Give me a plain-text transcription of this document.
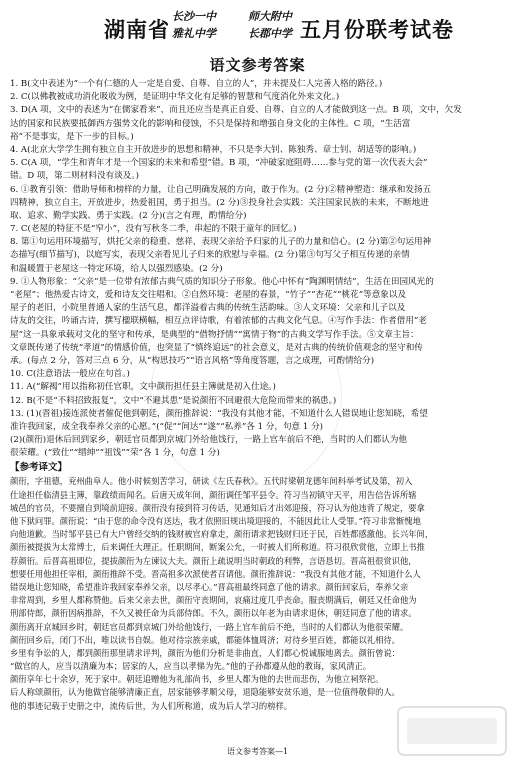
湖南省
长沙一中	师大附中
雅礼中学	长郡中学 五月份联考试卷
语文参考答案
1. B(文中表述为“一个有仁德的人一定是自爱、自尊、自立的人”，并未提及仁人完善人格的路径。)
2. C(以佛教被成功消化吸收为例，是证明中华文化有足够的智慧和气度消化外来文化。)
3. D(A 项，文中的表述为“在儒家看来”，而且还应当是真正自爱、自尊、自立的人才能做到这一点。B 项，文中，欠发
达的国家和民族要抵御西方强势文化的影响和侵蚀，不只是保持和增强自身文化的主体性。C 项，“生活富
裕”不是事实，是下一步的目标。)
4. A(北京大学学生拥有独立自主开放进步的思想和精神，不只是李大钊、陈独秀、章士钊、胡适等的影响。)
5. C(A 项，“学生和青年才是一个国家的未来和希望”错。B 项，“冲破家庭阻碍……参与党的第一次代表大会”
错。D 项，第二则材料没有谈及。)
6. ①教育引领：借助导师和榜样的力量，让自己明确发展的方向，敢于作为。(2 分)②精神塑造：继承和发扬五
四精神，独立自主，开放进步，热爱祖国，勇于担当。(2 分)③投身社会实践：关注国家民族的未来，不断地进
取、追求、勤学实践、勇于实践。(2 分)(言之有理，酌情给分)
7. C(老屋的特征不是“窄小”，没有写秋冬二季，串起的不限于童年的回忆。)
8. 第①句运用环境描写，烘托父亲的稳重、慈祥，表现父亲给予归家的儿子的力量和信心。(2 分)第②句运用神
态描写(细节描写)，以庭写实，表现父亲看见儿子归来的欣慰与幸福。(2 分)第③句写父子相互传递的亲情
和温暖置于老屋这一特定环境，给人以强烈感染。(2 分)
9. ①人物形象：“父亲”是一位带有浓郁古典气质的知识分子形象。他心中怀有“陶渊明情结”，生活在田园风光的
“老屋”；他热爱古诗文，爱和诗友交往唱和。②自然环境：老屋的春景，“竹子”“杏花”“桃花”等意象以及
屋子的老旧，小院里普通人家的生活气息，都洋溢着古典的传统生活韵味。③人文环境：父亲和儿子以及
诗友的交往，吟诵古诗，撰写楹联横幅，相互点评诗歌，有着浓郁的古典文化气息。④写作手法：作者借用“老
屋”这一具象承载对文化的坚守和传承，是典型的“借物抒情”“寓情于物”的古典文学写作手法。⑤文章主旨：
文章既传递了传统“孝道”的情感价值，也突显了“慎终追远”的社会意义，是对古典的传统价值观念的坚守和传
承。(每点 2 分，答对三点 6 分，从“构思技巧”“语言风格”等角度答题，言之成理，可酌情给分)
10. C(注意语法一般应在句首。)
11. A(“解褐”用以指称初任官职，文中颜衎担任县主簿就是初入仕途。)
12. B(不是“不料招致报复”，文中“不避其患”是说颜衎不回避很大危险而带来的祸患。)
13. (1)(晋祖)接连派使者催促他到朝廷，颜衎推辞说：“我没有其他才能，不知道什么人错误地让您知晓，希望
准许我回家，成全我奉养父亲的心愿。”(“促”“间达”“遂”“私养”各 1 分，句意 1 分)
(2)(颜衎)退休后回到家乡，朝廷官员都到京城门外给他饯行，一路上官车前后不绝，当时的人们都认为他
很荣耀。(“致仕”“缙绅”“祖饯”“荣”各 1 分，句意 1 分)
【参考译文】
颜衎，字祖德，兖州曲阜人。他小时候刻苦学习，研读《左氏春秋》。五代时梁朝龙德年间科举考试及第，初入
仕途担任临清县主簿，靠政绩而闻名。后唐天成年间，颜衎调任邹平县令。符习当初镇守天平，用告信告诉所辖
城邑的官员，不要擅自到境前迎接。颜衎没有接到符习传话，见通知后才出郊迎接，符习认为他违背了规定，要拿
他下狱问罪。颜衎说：“由于您的命令没有送达，我才依照旧规出境迎接的，不能因此让人受罪。”符习非常惭愧地
向他道歉。当时邹平县已有大户曾经交纳的钱财被官府拿走，颜衎请求把钱财归还于民，百姓都感激他。长兴年间，
颜衎被提拔为太常博士，后来调任大理正。任职期间，断案公允，一时被人们所称道。符习很欣赏他，立即上书推
荐颜衎。后晋高祖即位，提拔颜衎为左谏议大夫。颜衎上疏说明当时朝政的利弊，言语恳切。晋高祖很赏识他，
想要任用他担任宰相，颜衎推辞不受。晋高祖多次派使者召请他。颜衎推辞说：“我没有其他才能，不知道什么人
错误地让您知晓，希望准许我回家奉养父亲，以尽孝心。”晋高祖最终同意了他的请求。颜衎回家后，奉养父亲
非常周到，乡里人都称赞他。后来父亲去世，颜衎守丧期间，哀痛过度几乎丧命。服丧期满后，朝廷又任命他为
刑部侍郎，颜衎因病推辞，不久又被任命为兵部侍郎。不久，颜衎以年老为由请求退休，朝廷同意了他的请求。
颜衎离开京城回乡时，朝廷官员都到京城门外给他饯行，一路上官车前后不绝，当时的人们都认为他很荣耀。
颜衎回乡后，闭门不出，唯以读书自娱。他对待宗族亲戚，都能体恤周济；对待乡里百姓，都能以礼相待。
乡里有争讼的人，都到颜衎那里请求评判，颜衎为他们分析是非曲直，人们都心悦诚服地离去。颜衎曾说：
“做官的人，应当以清廉为本；居家的人，应当以孝悌为先。”他的子孙都遵从他的教诲，家风清正。
颜衎享年七十余岁，死于家中。朝廷追赠他为礼部尚书，乡里人都为他的去世而悲伤，为他立祠祭祀。
后人称颂颜衎，认为他做官能够清廉正直，居家能够孝顺父母，退隐能够安贫乐道，是一位值得敬仰的人。
他的事迹记载于史册之中，流传后世，为人们所称道，成为后人学习的榜样。
语文参考答案—1
